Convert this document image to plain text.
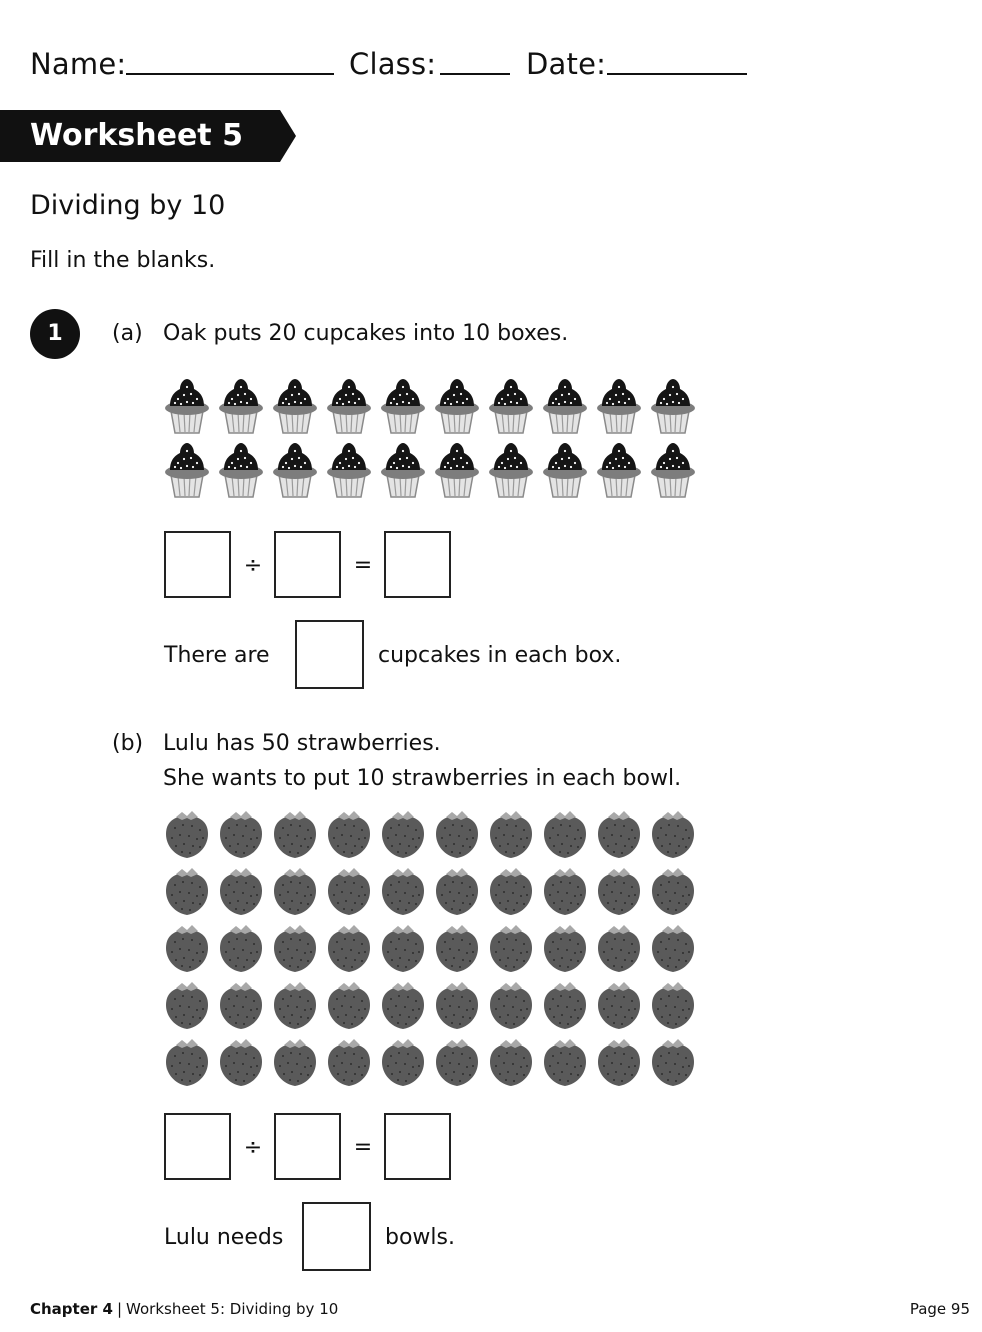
Name:	Class:	Date:
Worksheet 5
Dividing by 10
Fill in the blanks.
1	(a) Oak puts 20 cupcakes into 10 boxes.
÷	=
There are	cupcakes in each box.
(b) Lulu has 50 strawberries.
She wants to put 10 strawberries in each bowl.
÷	=
Lulu needs	bowls.
Chapter 4 | Worksheet 5: Dividing by 10	Page 95
